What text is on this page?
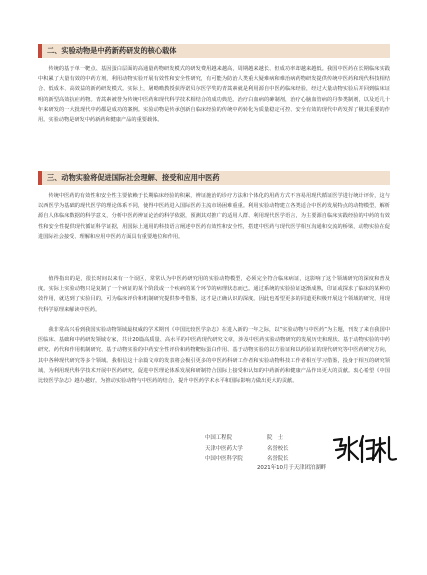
二、实验动物是中药新药研发的核心载体

传统的基于单一靶点、基因蛋白层面的高通量药物研发模式的研发费用越来越高，周期越来越长、但成功率却越来越低。我国中医药在长期临床实践中积累了大量有效的中药方剂，利用动物实验开展有效性和安全性研究，有可能为防治人类重大疑难病和难治病药物研发提供传统中医药和现代科技相结合、低成本、高效益的新药研发模式。实际上，屠呦呦教授获得诺贝尔医学奖的青蒿素就是利用源自中医药临床经验，经过大量动物实验后并回到临床证明的新型高效抗疟药物。青蒿素被誉为传统中医药和现代科学技术相结合的成功典范。治疗白血病的砷制剂，治疗心脑血管病的丹参类制剂，以及近几十年来研发的一大批现代中药都是成功的案例。实验动物是传承创新自临床经验的传统中药转化为质量稳定可控、安全有效的现代中药发挥了极其重要的作用。实验动物是研发中药新药和健康产品的重要载体。

三、动物实验将促进国际社会理解、接受和应用中医药

传统中医药的有效性和安全性主要依赖于长期临床经验的积累，辨证施治的诊疗方法和个体化的用药方式不容易用现代循证医学进行统计评价，这与以西医学为基础的现代医学的理论体系不同，使得中医药进入国际医药主流市场困难重重。利用实验动物建立各类适合中医药发展特点的动物模型，解析源自人体临床数据的科学意义，分析中医药辨证论治的科学依据，预测其对推广的适用人群、利用现代医学语言，为主要源自临床实践经验的中药的有效性和安全性提供现代循证科学证据，用国际上通用的科技语言阐述中医药有效性和安全性，搭建中医药与现代医学相互沟通和交流的桥梁，动物实验在促进国际社会接受、理解和应用中医药方面具有重要地位和作用。

值得指出的是，很长时间以来有一个误区，常常认为中医药研究用的实验动物模型，必须完全符合临床病证，这影响了这个领域研究的深度和普及度。实际上实验动物只是复制了一个病证的某个阶段或一个疾病的某个环节的病理状态而已。通过系统的实验验证逐渐成熟，印证或探求了临床的某种功效作用，就达到了实验目的，可为临床评价和机制研究提供参考借鉴，这才是正确认识的深度。因此也希望更多的同道更积极开展这个领域的研究，用现代科学原理来解读中医药。

我非常高兴看到我国实验动物领域最权威的学术期刊《中国比较医学杂志》在进入新的一年之际，以“实验动物与中医药”为主题，刊发了来自我国中医临床、基础和中药研发领域专家，共计20篇高质量、高水平的中医药现代研究文章，涉及中医药实验动物研究的发展历史和现状、基于动物实验的中药研究、药代和作用机制研究、基于动物实验的中药安全性评价和药物靶标蛋白作用、基于动物实验的以方验证和以药验证的现代研究等中医药研究方向，其中各种现代研究等多个领域。我相信这十余篇文章的发表将会极引更多的中医药科研工作者和实验动物科技工作者相互学习借鉴，投身于相互的研究领域，为利用现代科学技术开展中医药研究，促进中医理论体系发展和研制符合国际上接受和认知的中药新药和健康产品作出更大的贡献。衷心希望《中国比较医学杂志》越办越好，为推动实验动物与中医药的结合，提升中医药学术水平和国际影响力做出更大的贡献。

中国工程院	院　士
天津中医药大学	名誉校长
中国中医科学院	名誉院长
2021年10月于天津团泊湖畔
